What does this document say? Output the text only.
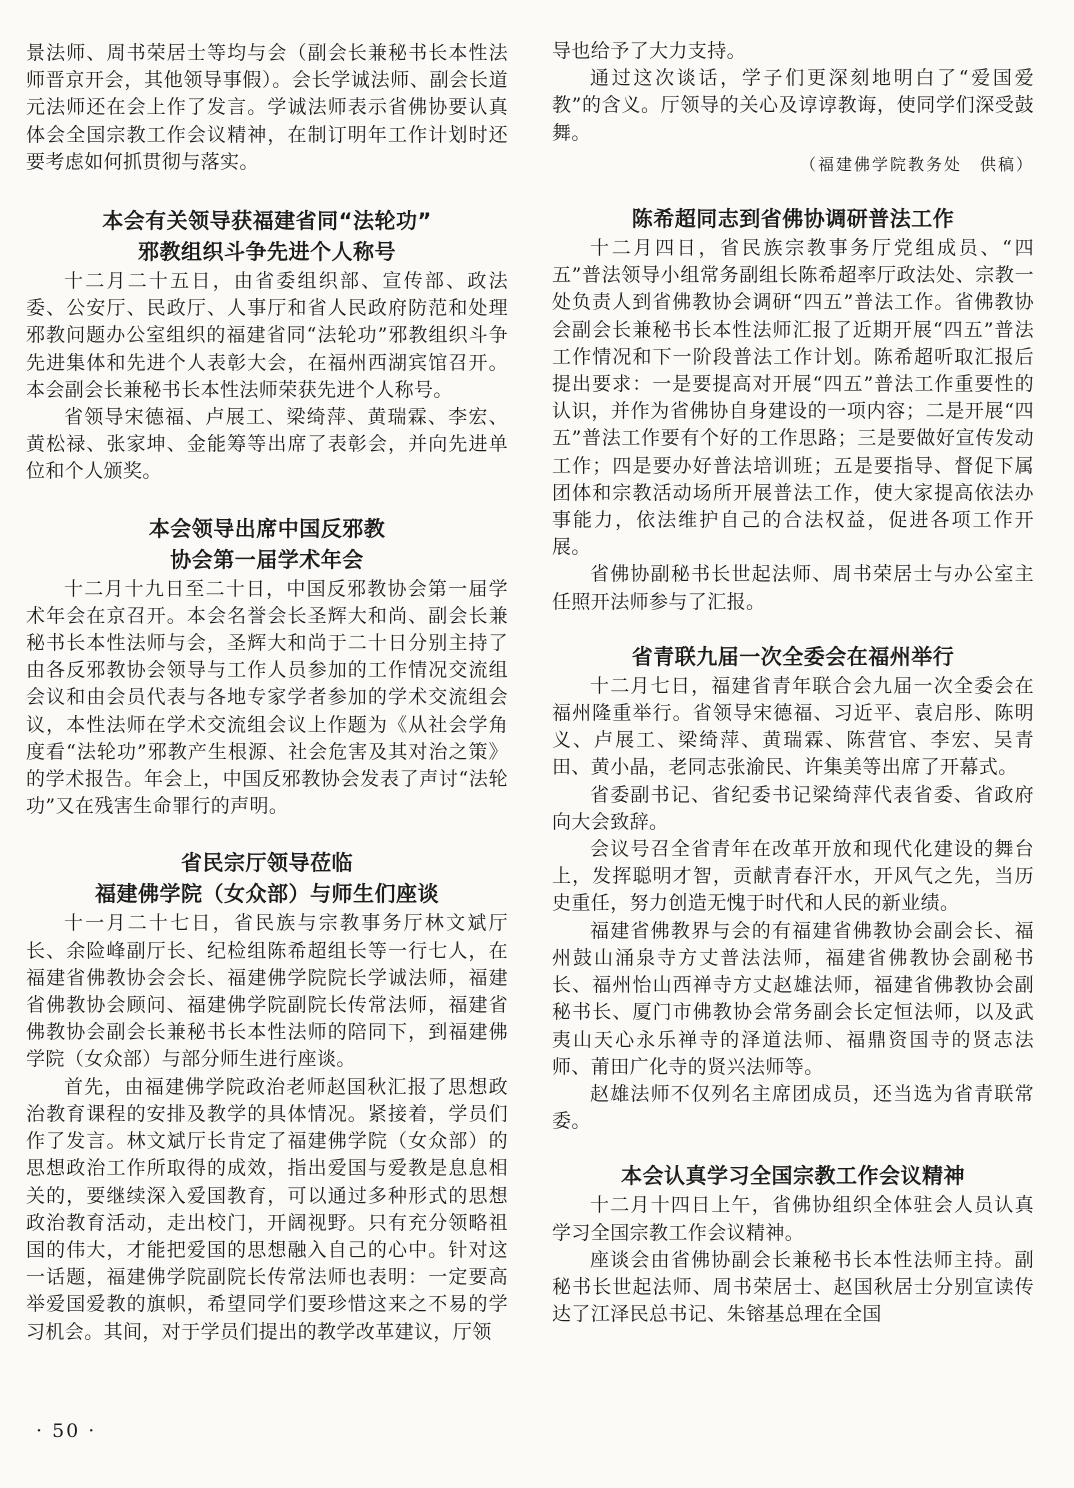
景法师、周书荣居士等均与会（副会长兼秘书长本性法师晋京开会，其他领导事假）。会长学诚法师、副会长道元法师还在会上作了发言。学诚法师表示省佛协要认真体会全国宗教工作会议精神，在制订明年工作计划时还要考虑如何抓贯彻与落实。

本会有关领导获福建省同“法轮功”
邪教组织斗争先进个人称号

十二月二十五日，由省委组织部、宣传部、政法委、公安厅、民政厅、人事厅和省人民政府防范和处理邪教问题办公室组织的福建省同“法轮功”邪教组织斗争先进集体和先进个人表彰大会，在福州西湖宾馆召开。本会副会长兼秘书长本性法师荣获先进个人称号。

省领导宋德福、卢展工、梁绮萍、黄瑞霖、李宏、黄松禄、张家坤、金能筹等出席了表彰会，并向先进单位和个人颁奖。

本会领导出席中国反邪教
协会第一届学术年会

十二月十九日至二十日，中国反邪教协会第一届学术年会在京召开。本会名誉会长圣辉大和尚、副会长兼秘书长本性法师与会，圣辉大和尚于二十日分别主持了由各反邪教协会领导与工作人员参加的工作情况交流组会议和由会员代表与各地专家学者参加的学术交流组会议，本性法师在学术交流组会议上作题为《从社会学角度看“法轮功”邪教产生根源、社会危害及其对治之策》的学术报告。年会上，中国反邪教协会发表了声讨“法轮功”又在残害生命罪行的声明。

省民宗厅领导莅临
福建佛学院（女众部）与师生们座谈

十一月二十七日，省民族与宗教事务厅林文斌厅长、余险峰副厅长、纪检组陈希超组长等一行七人，在福建省佛教协会会长、福建佛学院院长学诚法师，福建省佛教协会顾问、福建佛学院副院长传常法师，福建省佛教协会副会长兼秘书长本性法师的陪同下，到福建佛学院（女众部）与部分师生进行座谈。

首先，由福建佛学院政治老师赵国秋汇报了思想政治教育课程的安排及教学的具体情况。紧接着，学员们作了发言。林文斌厅长肯定了福建佛学院（女众部）的思想政治工作所取得的成效，指出爱国与爱教是息息相关的，要继续深入爱国教育，可以通过多种形式的思想政治教育活动，走出校门，开阔视野。只有充分领略祖国的伟大，才能把爱国的思想融入自己的心中。针对这一话题，福建佛学院副院长传常法师也表明：一定要高举爱国爱教的旗帜，希望同学们要珍惜这来之不易的学习机会。其间，对于学员们提出的教学改革建议，厅领

导也给予了大力支持。

通过这次谈话，学子们更深刻地明白了“爱国爱教”的含义。厅领导的关心及谆谆教诲，使同学们深受鼓舞。

（福建佛学院教务处　供稿）

陈希超同志到省佛协调研普法工作

十二月四日，省民族宗教事务厅党组成员、“四五”普法领导小组常务副组长陈希超率厅政法处、宗教一处负责人到省佛教协会调研“四五”普法工作。省佛教协会副会长兼秘书长本性法师汇报了近期开展“四五”普法工作情况和下一阶段普法工作计划。陈希超听取汇报后提出要求：一是要提高对开展“四五”普法工作重要性的认识，并作为省佛协自身建设的一项内容；二是开展“四五”普法工作要有个好的工作思路；三是要做好宣传发动工作；四是要办好普法培训班；五是要指导、督促下属团体和宗教活动场所开展普法工作，使大家提高依法办事能力，依法维护自己的合法权益，促进各项工作开展。

省佛协副秘书长世起法师、周书荣居士与办公室主任照开法师参与了汇报。

省青联九届一次全委会在福州举行

十二月七日，福建省青年联合会九届一次全委会在福州隆重举行。省领导宋德福、习近平、袁启彤、陈明义、卢展工、梁绮萍、黄瑞霖、陈营官、李宏、吴青田、黄小晶，老同志张渝民、许集美等出席了开幕式。

省委副书记、省纪委书记梁绮萍代表省委、省政府向大会致辞。

会议号召全省青年在改革开放和现代化建设的舞台上，发挥聪明才智，贡献青春汗水，开风气之先，当历史重任，努力创造无愧于时代和人民的新业绩。

福建省佛教界与会的有福建省佛教协会副会长、福州鼓山涌泉寺方丈普法法师，福建省佛教协会副秘书长、福州怡山西禅寺方丈赵雄法师，福建省佛教协会副秘书长、厦门市佛教协会常务副会长定恒法师，以及武夷山天心永乐禅寺的泽道法师、福鼎资国寺的贤志法师、莆田广化寺的贤兴法师等。

赵雄法师不仅列名主席团成员，还当选为省青联常委。

本会认真学习全国宗教工作会议精神

十二月十四日上午，省佛协组织全体驻会人员认真学习全国宗教工作会议精神。

座谈会由省佛协副会长兼秘书长本性法师主持。副秘书长世起法师、周书荣居士、赵国秋居士分别宣读传达了江泽民总书记、朱镕基总理在全国

· 50 ·
